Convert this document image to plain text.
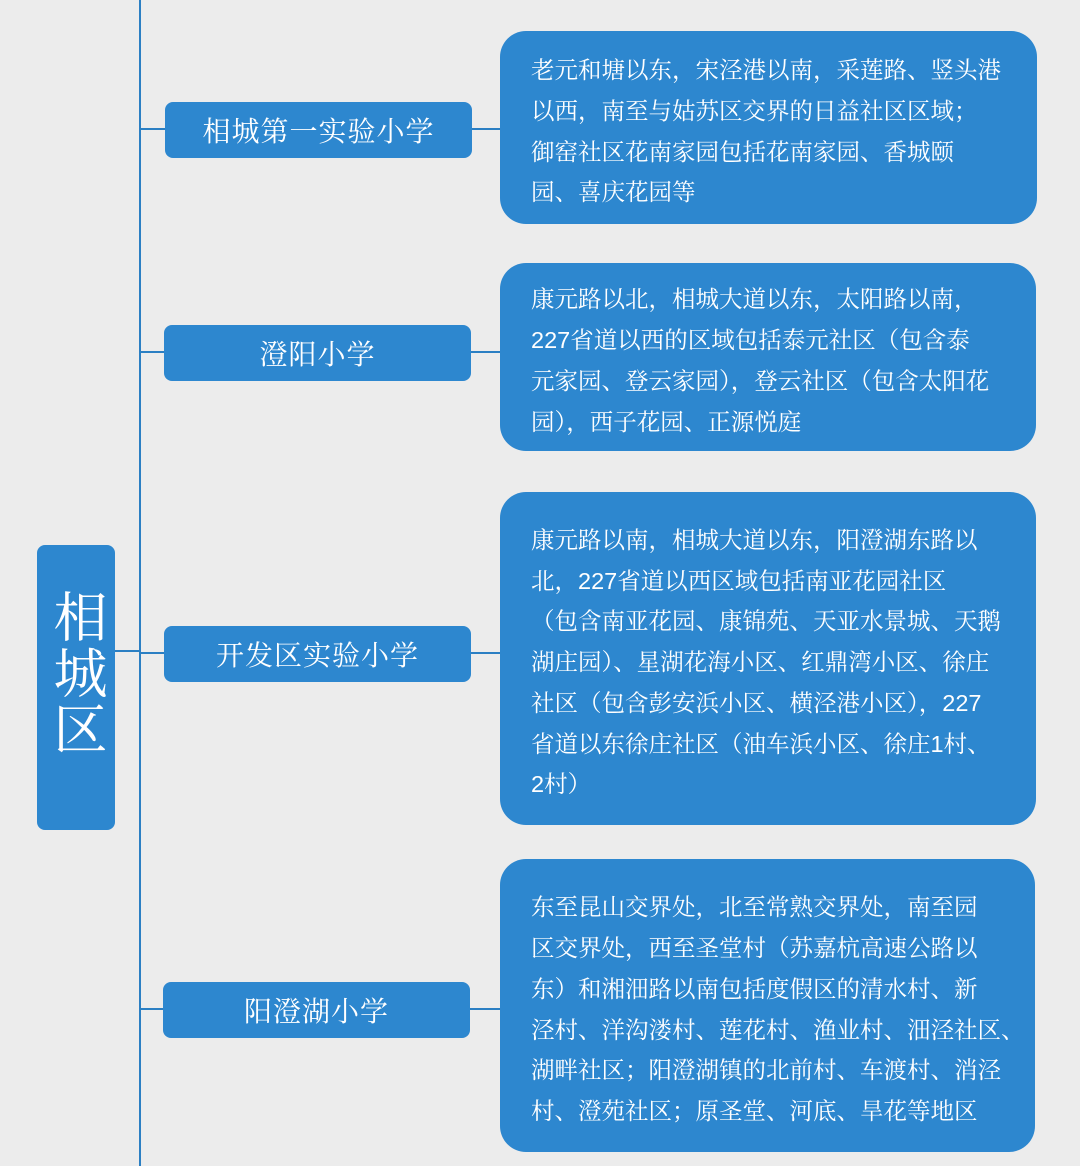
相城区
相城第一实验小学
老元和塘以东，宋泾港以南，采莲路、竖头港
以西，南至与姑苏区交界的日益社区区域；
御窑社区花南家园包括花南家园、香城颐
园、喜庆花园等
澄阳小学
康元路以北，相城大道以东，太阳路以南，
227省道以西的区域包括泰元社区（包含泰
元家园、登云家园），登云社区（包含太阳花
园），西子花园、正源悦庭
开发区实验小学
康元路以南，相城大道以东，阳澄湖东路以
北，227省道以西区域包括南亚花园社区
（包含南亚花园、康锦苑、天亚水景城、天鹅
湖庄园）、星湖花海小区、红鼎湾小区、徐庄
社区（包含彭安浜小区、横泾港小区），227
省道以东徐庄社区（油车浜小区、徐庄1村、
2村）
阳澄湖小学
东至昆山交界处，北至常熟交界处，南至园
区交界处，西至圣堂村（苏嘉杭高速公路以
东）和湘沺路以南包括度假区的清水村、新
泾村、洋沟溇村、莲花村、渔业村、沺泾社区、
湖畔社区；阳澄湖镇的北前村、车渡村、消泾
村、澄苑社区；原圣堂、河底、旱花等地区
